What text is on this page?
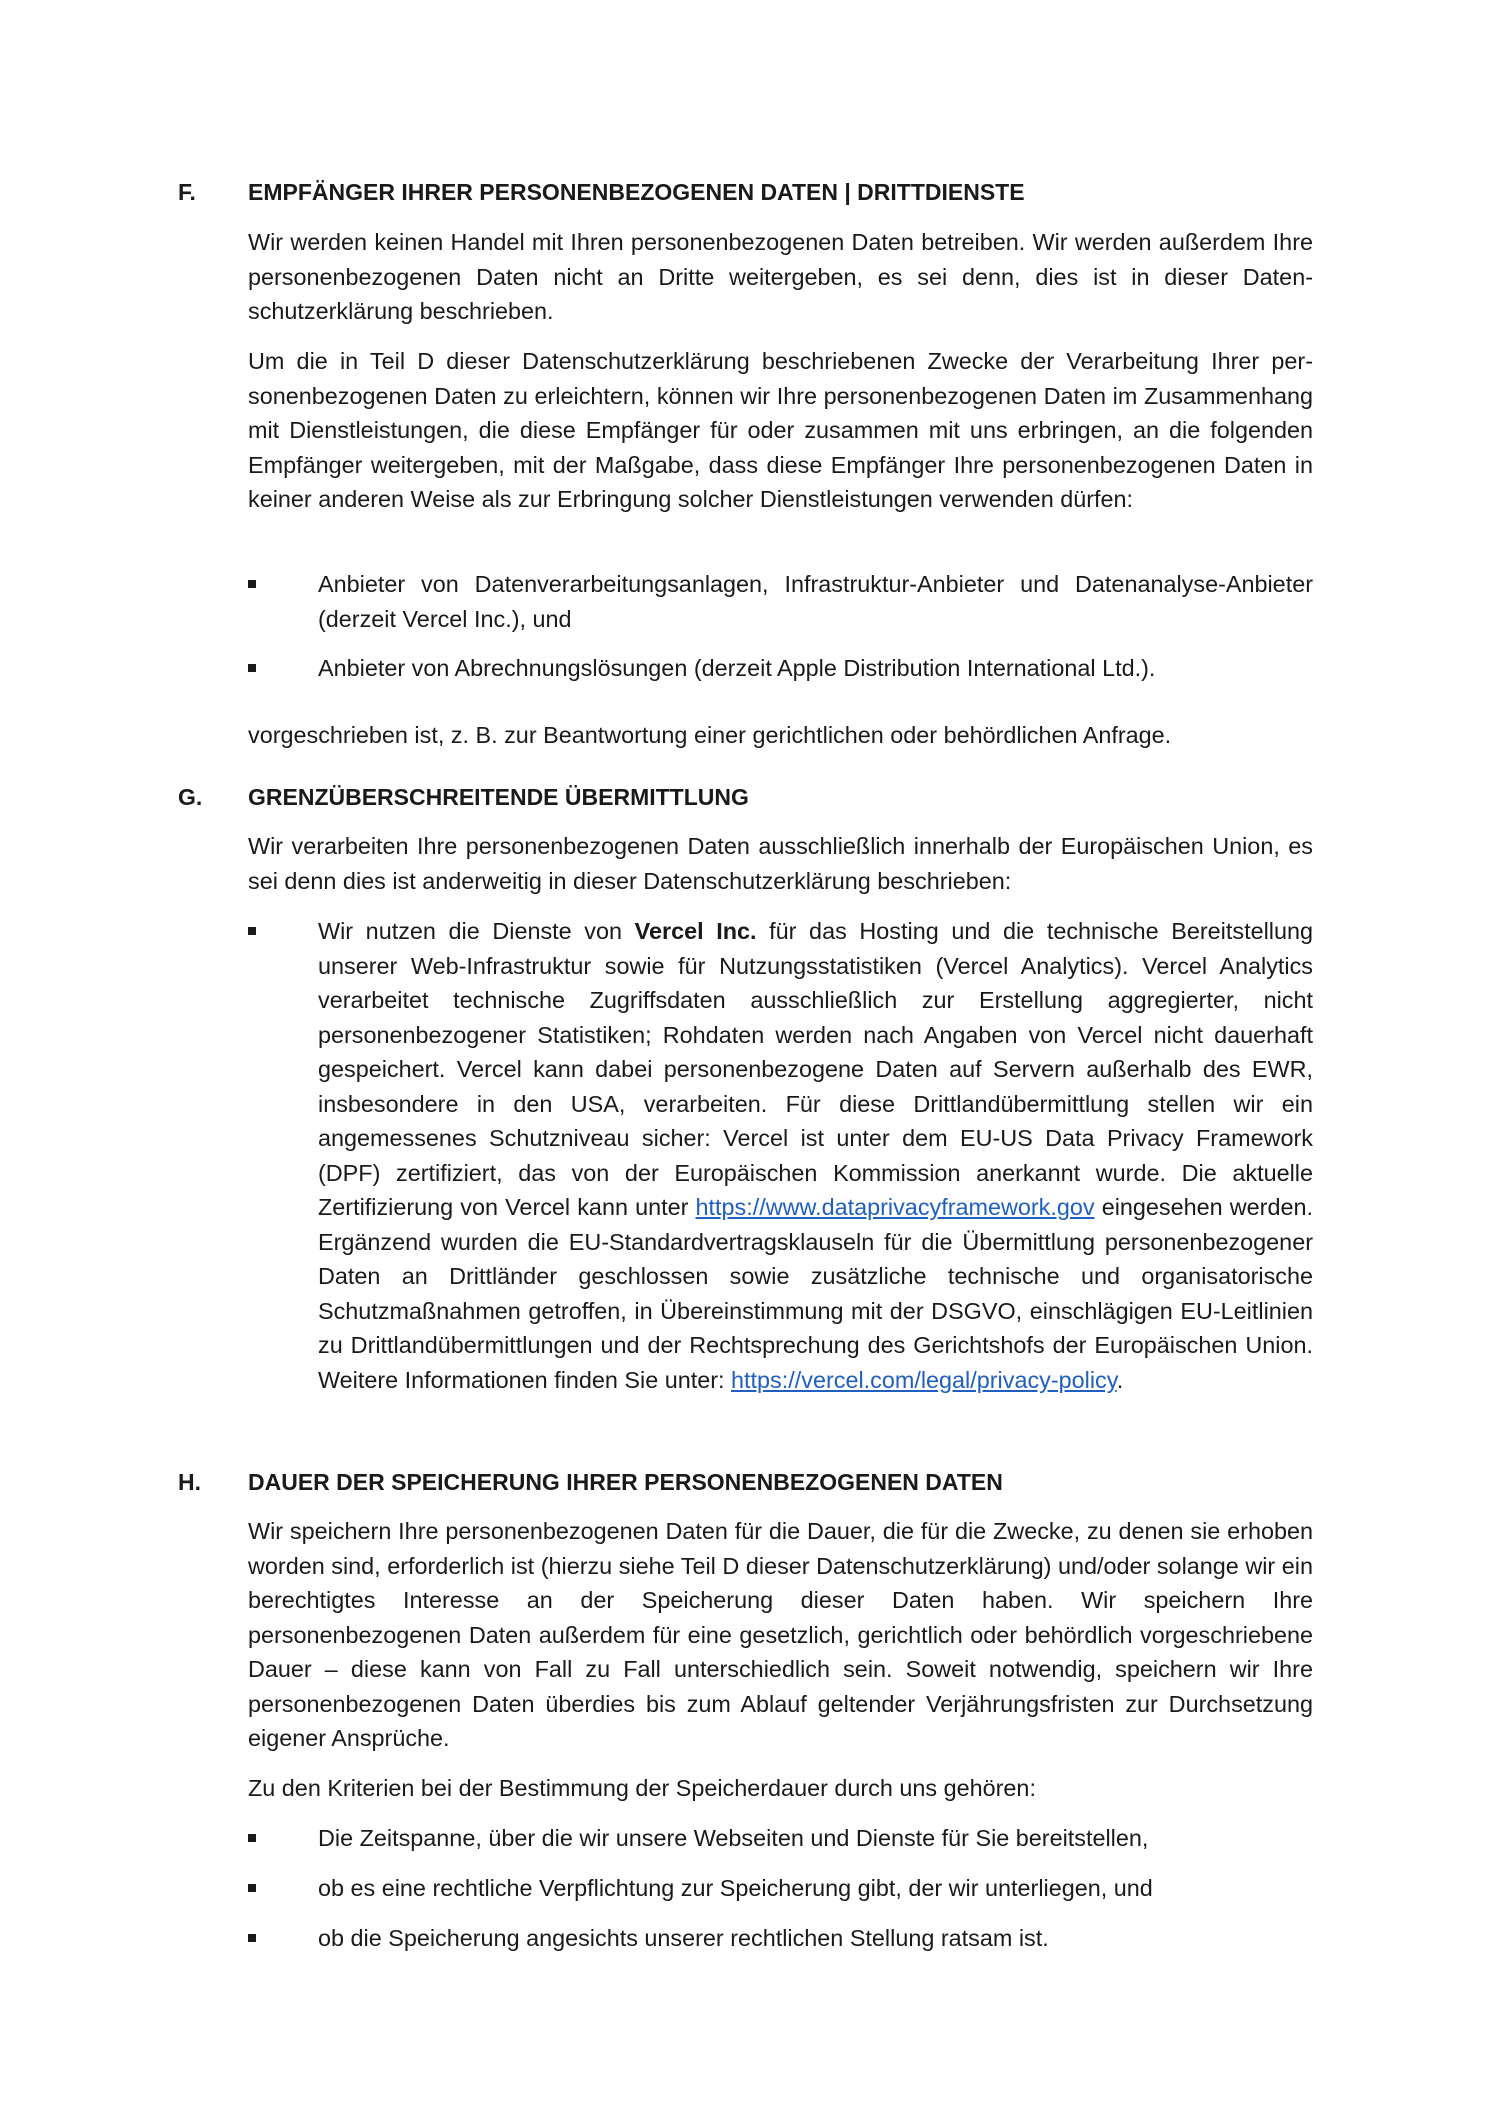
F. EMPFÄNGER IHRER PERSONENBEZOGENEN DATEN | DRITTDIENSTE
Wir werden keinen Handel mit Ihren personenbezogenen Daten betreiben. Wir werden außerdem Ihre personenbezogenen Daten nicht an Dritte weitergeben, es sei denn, dies ist in dieser Datenschutzerklärung beschrieben.
Um die in Teil D dieser Datenschutzerklärung beschriebenen Zwecke der Verarbeitung Ihrer personenbezogenen Daten zu erleichtern, können wir Ihre personenbezogenen Daten im Zusammenhang mit Dienstleistungen, die diese Empfänger für oder zusammen mit uns erbringen, an die folgenden Empfänger weitergeben, mit der Maßgabe, dass diese Empfänger Ihre personenbezogenen Daten in keiner anderen Weise als zur Erbringung solcher Dienstleistungen verwenden dürfen:
Anbieter von Datenverarbeitungsanlagen, Infrastruktur-Anbieter und Datenanalyse-Anbieter (derzeit Vercel Inc.), und
Anbieter von Abrechnungslösungen (derzeit Apple Distribution International Ltd.).
vorgeschrieben ist, z. B. zur Beantwortung einer gerichtlichen oder behördlichen Anfrage.
G. GRENZÜBERSCHREITENDE ÜBERMITTLUNG
Wir verarbeiten Ihre personenbezogenen Daten ausschließlich innerhalb der Europäischen Union, es sei denn dies ist anderweitig in dieser Datenschutzerklärung beschrieben:
Wir nutzen die Dienste von Vercel Inc. für das Hosting und die technische Bereitstellung unserer Web-Infrastruktur sowie für Nutzungsstatistiken (Vercel Analytics). Vercel Analytics verarbeitet technische Zugriffsdaten ausschließlich zur Erstellung aggregierter, nicht personenbezogener Statistiken; Rohdaten werden nach Angaben von Vercel nicht dauerhaft gespeichert. Vercel kann dabei personenbezogene Daten auf Servern außerhalb des EWR, insbesondere in den USA, verarbeiten. Für diese Drittlandübermittlung stellen wir ein angemessenes Schutzniveau sicher: Vercel ist unter dem EU-US Data Privacy Framework (DPF) zertifiziert, das von der Europäischen Kommission anerkannt wurde. Die aktuelle Zertifizierung von Vercel kann unter https://www.dataprivacyframework.gov eingesehen werden. Ergänzend wurden die EU-Standardvertragsklauseln für die Übermittlung personenbezogener Daten an Drittländer geschlossen sowie zusätzliche technische und organisatorische Schutzmaßnahmen getroffen, in Übereinstimmung mit der DSGVO, einschlägigen EU-Leitlinien zu Drittlandübermittlungen und der Rechtsprechung des Gerichtshofs der Europäischen Union. Weitere Informationen finden Sie unter: https://vercel.com/legal/privacy-policy.
H. DAUER DER SPEICHERUNG IHRER PERSONENBEZOGENEN DATEN
Wir speichern Ihre personenbezogenen Daten für die Dauer, die für die Zwecke, zu denen sie erhoben worden sind, erforderlich ist (hierzu siehe Teil D dieser Datenschutzerklärung) und/oder solange wir ein berechtigtes Interesse an der Speicherung dieser Daten haben. Wir speichern Ihre personenbezogenen Daten außerdem für eine gesetzlich, gerichtlich oder behördlich vorgeschriebene Dauer – diese kann von Fall zu Fall unterschiedlich sein. Soweit notwendig, speichern wir Ihre personenbezogenen Daten überdies bis zum Ablauf geltender Verjährungsfristen zur Durchsetzung eigener Ansprüche.
Zu den Kriterien bei der Bestimmung der Speicherdauer durch uns gehören:
Die Zeitspanne, über die wir unsere Webseiten und Dienste für Sie bereitstellen,
ob es eine rechtliche Verpflichtung zur Speicherung gibt, der wir unterliegen, und
ob die Speicherung angesichts unserer rechtlichen Stellung ratsam ist.
